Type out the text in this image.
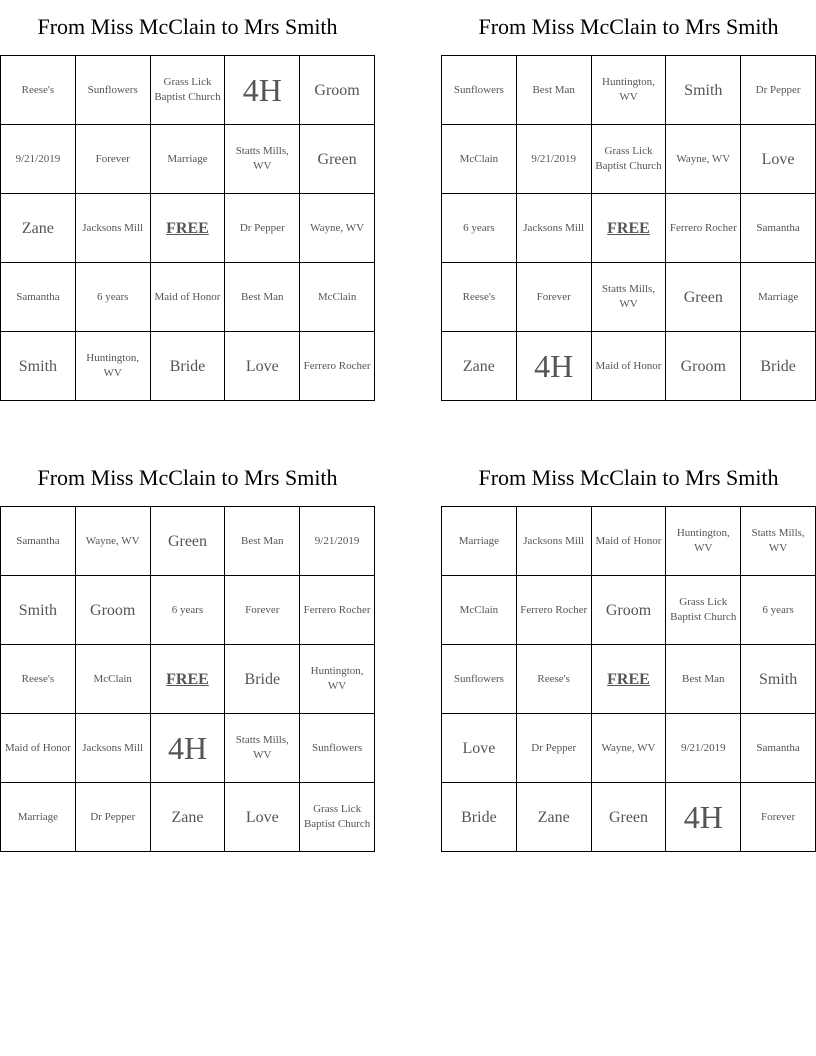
From Miss McClain to Mrs Smith
Reese's	Sunflowers	Grass Lick Baptist Church	4H	Groom
9/21/2019	Forever	Marriage	Statts Mills, WV	Green
Zane	Jacksons Mill	FREE	Dr Pepper	Wayne, WV
Samantha	6 years	Maid of Honor	Best Man	McClain
Smith	Huntington, WV	Bride	Love	Ferrero Rocher
From Miss McClain to Mrs Smith
Sunflowers	Best Man	Huntington, WV	Smith	Dr Pepper
McClain	9/21/2019	Grass Lick Baptist Church	Wayne, WV	Love
6 years	Jacksons Mill	FREE	Ferrero Rocher	Samantha
Reese's	Forever	Statts Mills, WV	Green	Marriage
Zane	4H	Maid of Honor	Groom	Bride
From Miss McClain to Mrs Smith
Samantha	Wayne, WV	Green	Best Man	9/21/2019
Smith	Groom	6 years	Forever	Ferrero Rocher
Reese's	McClain	FREE	Bride	Huntington, WV
Maid of Honor	Jacksons Mill	4H	Statts Mills, WV	Sunflowers
Marriage	Dr Pepper	Zane	Love	Grass Lick Baptist Church
From Miss McClain to Mrs Smith
Marriage	Jacksons Mill	Maid of Honor	Huntington, WV	Statts Mills, WV
McClain	Ferrero Rocher	Groom	Grass Lick Baptist Church	6 years
Sunflowers	Reese's	FREE	Best Man	Smith
Love	Dr Pepper	Wayne, WV	9/21/2019	Samantha
Bride	Zane	Green	4H	Forever
